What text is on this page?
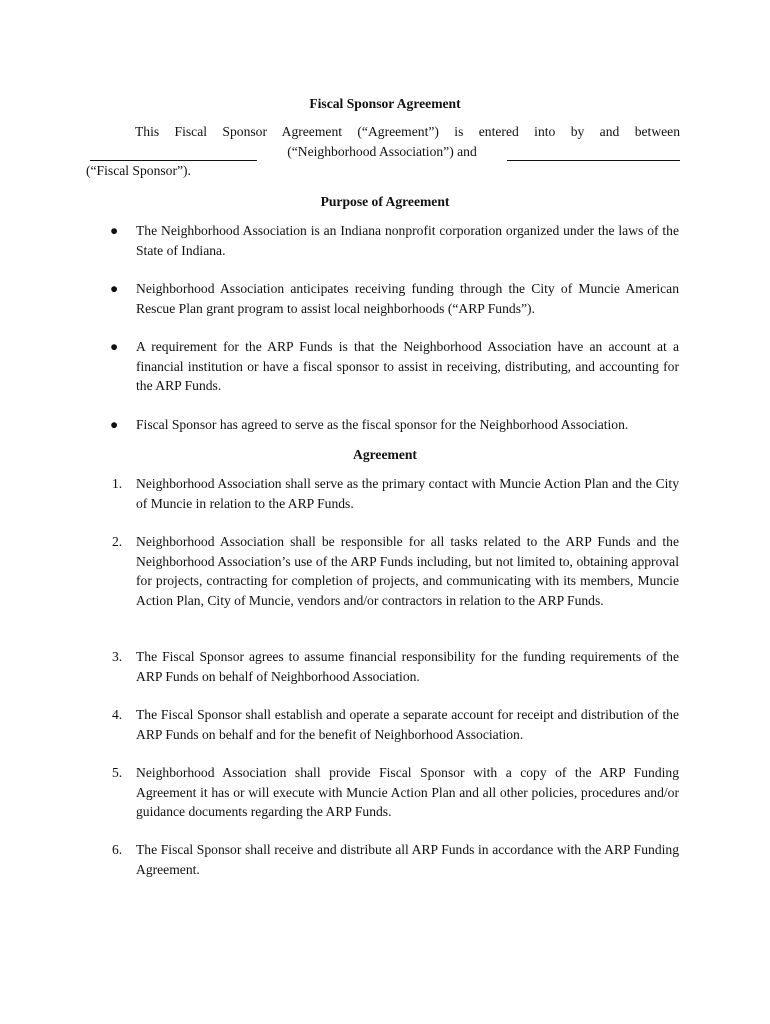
Fiscal Sponsor Agreement
This Fiscal Sponsor Agreement (“Agreement”) is entered into by and between
(“Neighborhood Association”) and
(“Fiscal Sponsor”).
Purpose of Agreement
●	The Neighborhood Association is an Indiana nonprofit corporation organized under the laws of the State of Indiana.
●	Neighborhood Association anticipates receiving funding through the City of Muncie American Rescue Plan grant program to assist local neighborhoods (“ARP Funds”).
●	A requirement for the ARP Funds is that the Neighborhood Association have an account at a financial institution or have a fiscal sponsor to assist in receiving, distributing, and accounting for the ARP Funds.
●	Fiscal Sponsor has agreed to serve as the fiscal sponsor for the Neighborhood Association.
Agreement
1.	Neighborhood Association shall serve as the primary contact with Muncie Action Plan and the City of Muncie in relation to the ARP Funds.
2.	Neighborhood Association shall be responsible for all tasks related to the ARP Funds and the Neighborhood Association’s use of the ARP Funds including, but not limited to, obtaining approval for projects, contracting for completion of projects, and communicating with its members, Muncie Action Plan, City of Muncie, vendors and/or contractors in relation to the ARP Funds.
3.	The Fiscal Sponsor agrees to assume financial responsibility for the funding requirements of the ARP Funds on behalf of Neighborhood Association.
4.	The Fiscal Sponsor shall establish and operate a separate account for receipt and distribution of the ARP Funds on behalf and for the benefit of Neighborhood Association.
5.	Neighborhood Association shall provide Fiscal Sponsor with a copy of the ARP Funding Agreement it has or will execute with Muncie Action Plan and all other policies, procedures and/or guidance documents regarding the ARP Funds.
6.	The Fiscal Sponsor shall receive and distribute all ARP Funds in accordance with the ARP Funding Agreement.
